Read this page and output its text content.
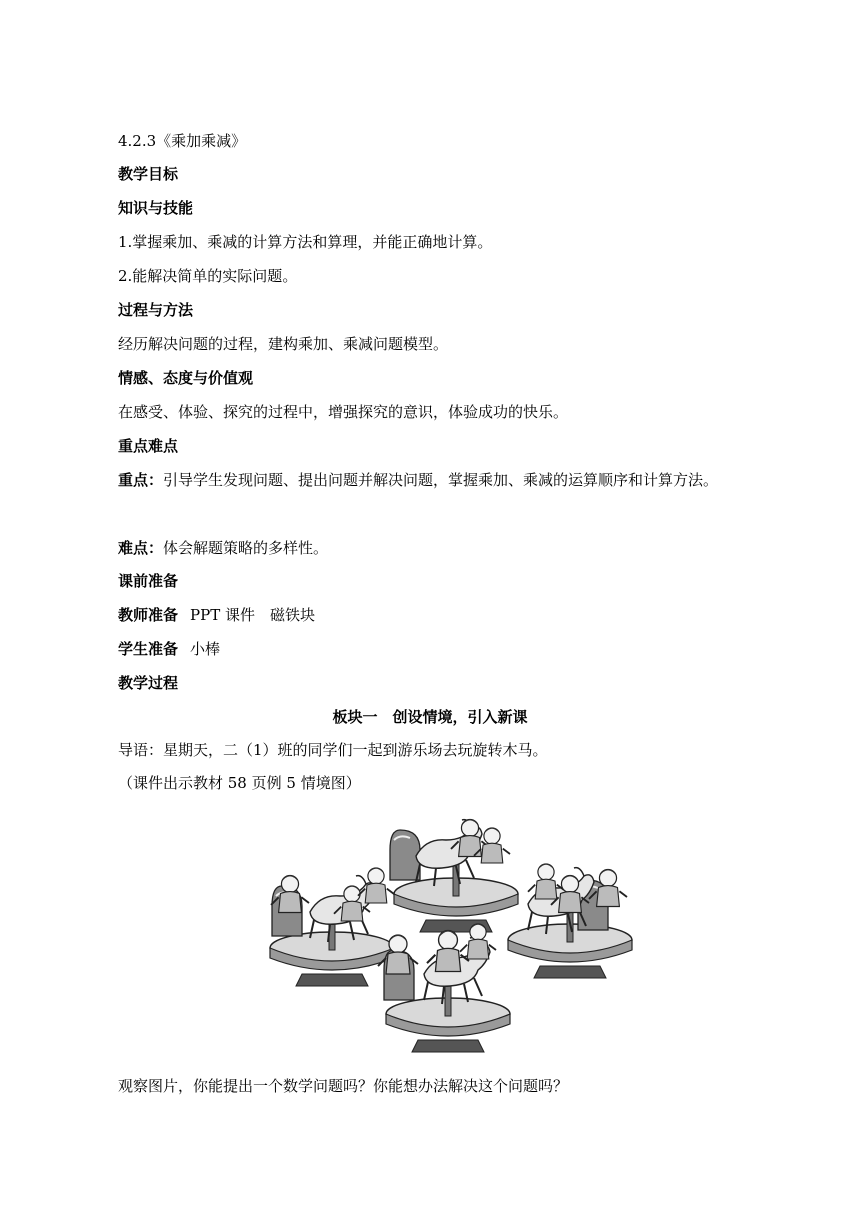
4.2.3《乘加乘减》
教学目标
知识与技能
1.掌握乘加、乘减的计算方法和算理，并能正确地计算。
2.能解决简单的实际问题。
过程与方法
经历解决问题的过程，建构乘加、乘减问题模型。
情感、态度与价值观
在感受、体验、探究的过程中，增强探究的意识，体验成功的快乐。
重点难点
重点：引导学生发现问题、提出问题并解决问题，掌握乘加、乘减的运算顺序和计算方法。
难点：体会解题策略的多样性。
课前准备
教师准备 PPT 课件　磁铁块
学生准备 小棒
教学过程
板块一　创设情境，引入新课
导语：星期天，二（1）班的同学们一起到游乐场去玩旋转木马。
（课件出示教材 58 页例 5 情境图）
观察图片，你能提出一个数学问题吗？你能想办法解决这个问题吗？
